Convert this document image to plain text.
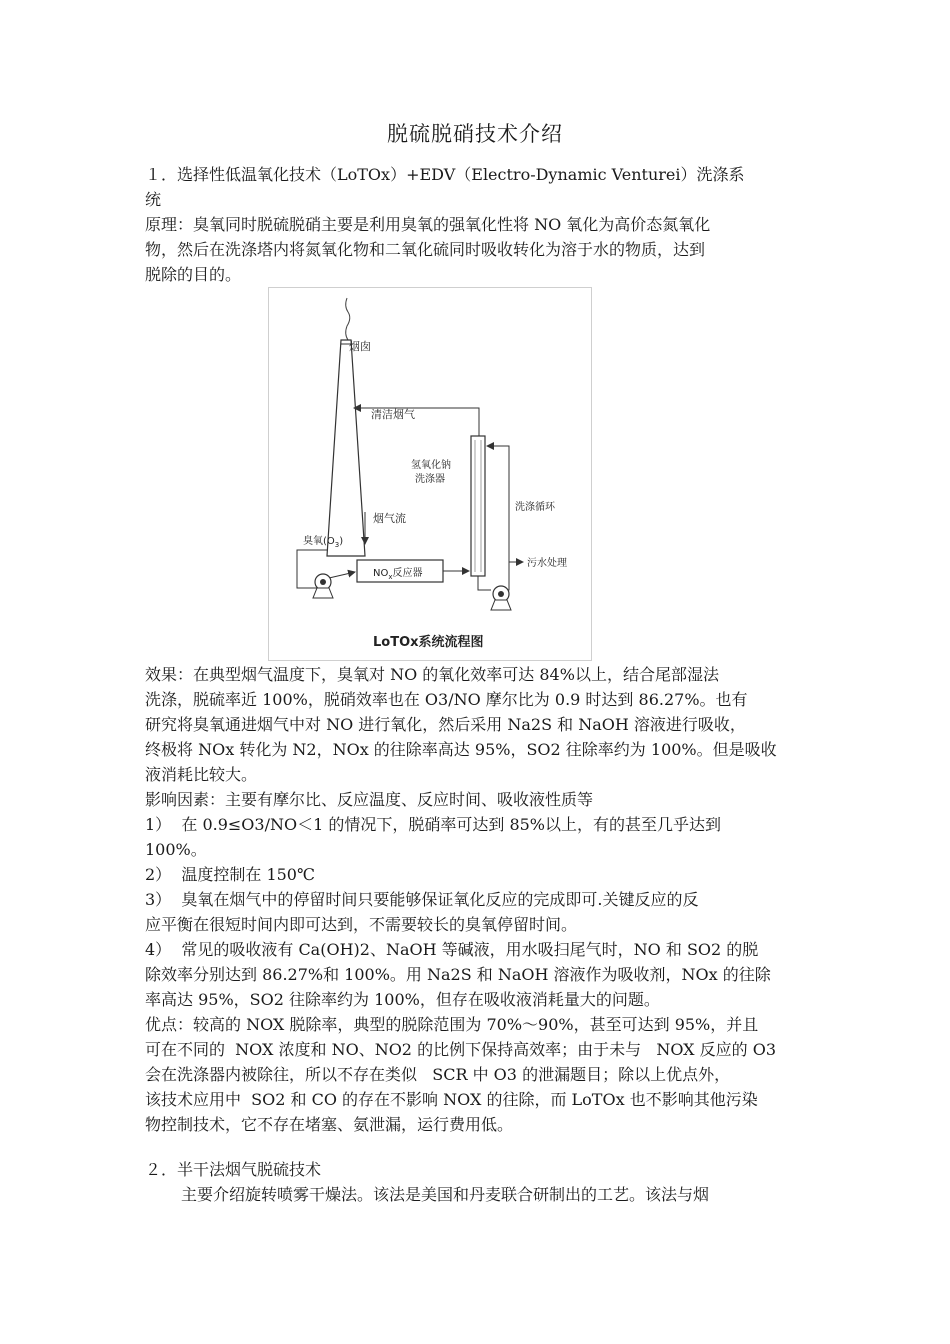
脱硫脱硝技术介绍
１．选择性低温氧化技术（LoTOx）+EDV（Electro-Dynamic Venturei）洗涤系
统
原理：臭氧同时脱硫脱硝主要是利用臭氧的强氧化性将 NO 氧化为高价态氮氧化
物，然后在洗涤塔内将氮氧化物和二氧化硫同时吸收转化为溶于水的物质，达到
脱除的目的。
烟囱
清洁烟气
氢氧化钠
洗涤器
烟气流
洗涤循环
臭氧$(O_3)$
$NO_x$反应器
污水处理
LoTOx系统流程图
效果：在典型烟气温度下，臭氧对 NO 的氧化效率可达 84%以上，结合尾部湿法
洗涤，脱硫率近 100%，脱硝效率也在 O3/NO 摩尔比为 0.9 时达到 86.27%。也有
研究将臭氧通进烟气中对 NO 进行氧化，然后采用 Na2S 和 NaOH 溶液进行吸收，
终极将 NOx 转化为 N2，NOx 的往除率高达 95%，SO2 往除率约为 100%。但是吸收
液消耗比较大。
影响因素：主要有摩尔比、反应温度、反应时间、吸收液性质等
1）  在 0.9≤O3/NO＜1 的情况下，脱硝率可达到 85%以上，有的甚至几乎达到
100%。
2）  温度控制在 150℃
3）  臭氧在烟气中的停留时间只要能够保证氧化反应的完成即可.关键反应的反
应平衡在很短时间内即可达到，不需要较长的臭氧停留时间。
4）  常见的吸收液有 Ca(OH)2、NaOH 等碱液，用水吸扫尾气时，NO 和 SO2 的脱
除效率分别达到 86.27%和 100%。用 Na2S 和 NaOH 溶液作为吸收剂，NOx 的往除
率高达 95%，SO2 往除率约为 100%，但存在吸收液消耗量大的问题。
优点：较高的 NOX 脱除率，典型的脱除范围为 70%～90%，甚至可达到 95%，并且
可在不同的  NOX 浓度和 NO、NO2 的比例下保持高效率；由于未与   NOX 反应的 O3
会在洗涤器内被除往，所以不存在类似   SCR 中 O3 的泄漏题目；除以上优点外，
该技术应用中  SO2 和 CO 的存在不影响 NOX 的往除，而 LoTOx 也不影响其他污染
物控制技术，它不存在堵塞、氨泄漏，运行费用低。
２．半干法烟气脱硫技术
主要介绍旋转喷雾干燥法。该法是美国和丹麦联合研制出的工艺。该法与烟
